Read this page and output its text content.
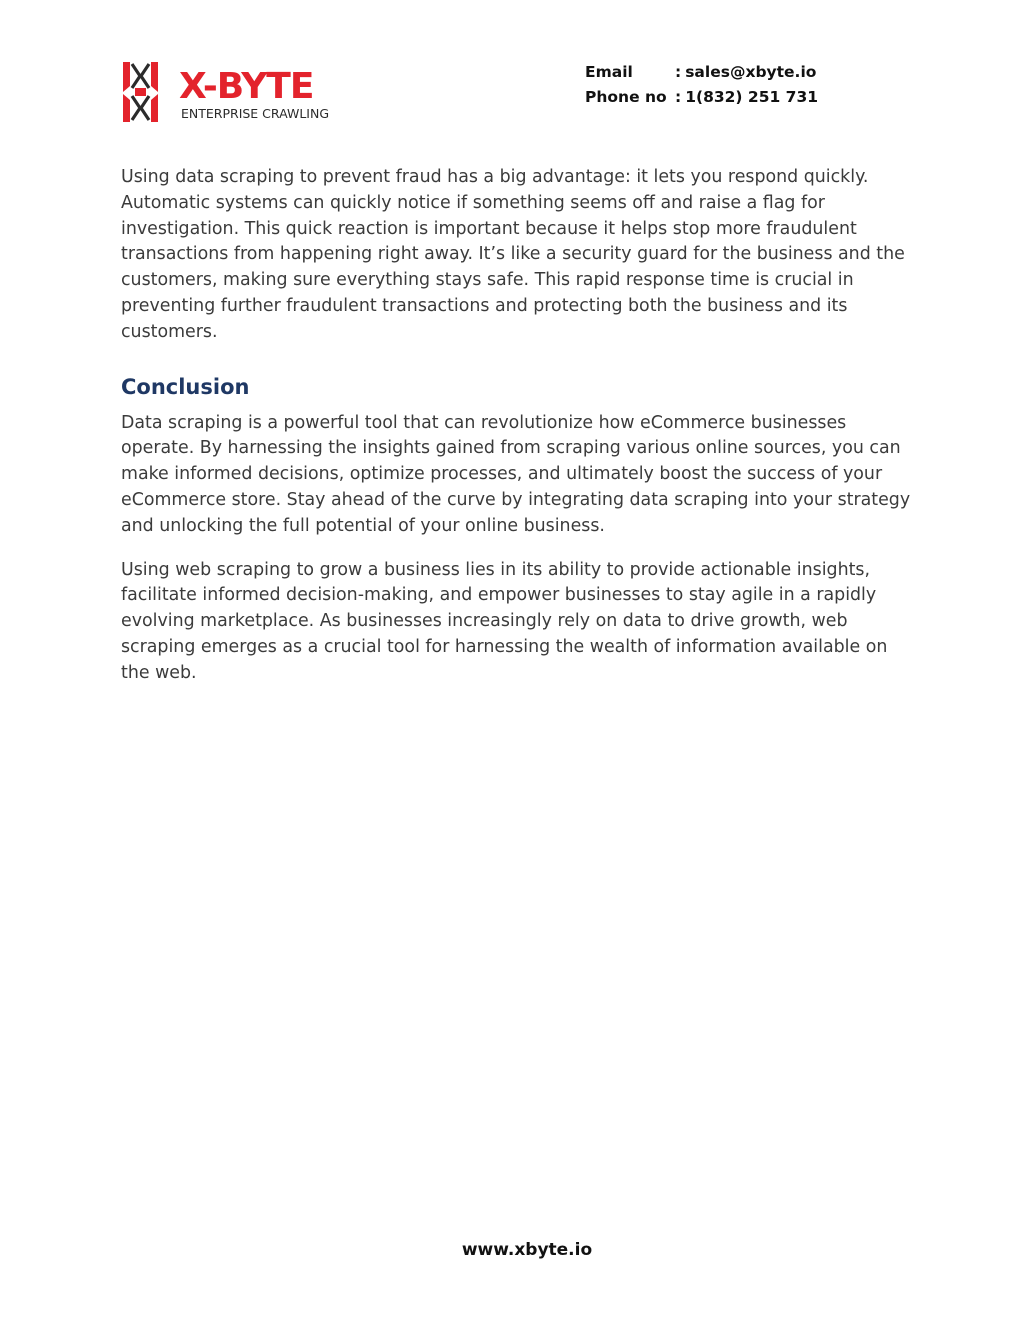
X-BYTE
ENTERPRISE CRAWLING
Email	: sales@xbyte.io
Phone no : 1(832) 251 731

Using data scraping to prevent fraud has a big advantage: it lets you respond quickly. Automatic systems can quickly notice if something seems off and raise a flag for investigation. This quick reaction is important because it helps stop more fraudulent transactions from happening right away. It’s like a security guard for the business and the customers, making sure everything stays safe. This rapid response time is crucial in preventing further fraudulent transactions and protecting both the business and its customers.

Conclusion

Data scraping is a powerful tool that can revolutionize how eCommerce businesses operate. By harnessing the insights gained from scraping various online sources, you can make informed decisions, optimize processes, and ultimately boost the success of your eCommerce store. Stay ahead of the curve by integrating data scraping into your strategy and unlocking the full potential of your online business.

Using web scraping to grow a business lies in its ability to provide actionable insights, facilitate informed decision-making, and empower businesses to stay agile in a rapidly evolving marketplace. As businesses increasingly rely on data to drive growth, web scraping emerges as a crucial tool for harnessing the wealth of information available on the web.

www.xbyte.io
